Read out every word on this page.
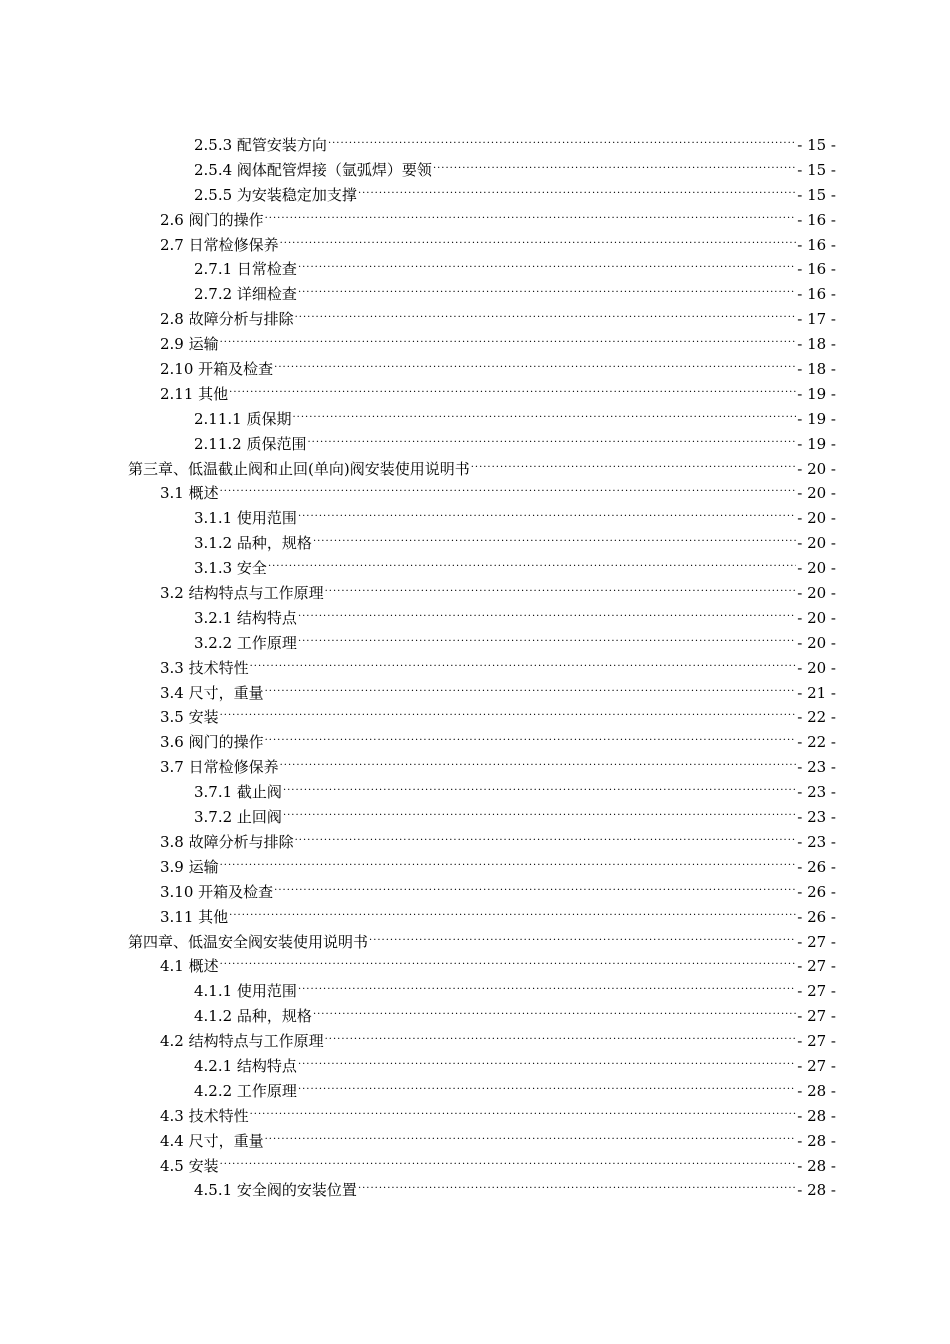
2.5.3 配管安装方向 ·····	- 15 -
2.5.4 阀体配管焊接（氩弧焊）要领 ·····	- 15 -
2.5.5 为安装稳定加支撑 ·····	- 15 -
2.6 阀门的操作 ·····	- 16 -
2.7 日常检修保养 ·····	- 16 -
2.7.1 日常检查 ·····	- 16 -
2.7.2 详细检查 ·····	- 16 -
2.8 故障分析与排除 ·····	- 17 -
2.9 运输 ·····	- 18 -
2.10 开箱及检查 ·····	- 18 -
2.11 其他 ·····	- 19 -
2.11.1 质保期 ·····	- 19 -
2.11.2 质保范围 ·····	- 19 -
第三章、低温截止阀和止回(单向)阀安装使用说明书 ·····	- 20 -
3.1 概述 ·····	- 20 -
3.1.1 使用范围 ·····	- 20 -
3.1.2 品种，规格 ·····	- 20 -
3.1.3 安全 ·····	- 20 -
3.2 结构特点与工作原理 ·····	- 20 -
3.2.1 结构特点 ·····	- 20 -
3.2.2 工作原理 ·····	- 20 -
3.3 技术特性 ·····	- 20 -
3.4 尺寸，重量 ·····	- 21 -
3.5 安装 ·····	- 22 -
3.6 阀门的操作 ·····	- 22 -
3.7 日常检修保养 ·····	- 23 -
3.7.1 截止阀 ·····	- 23 -
3.7.2 止回阀 ·····	- 23 -
3.8 故障分析与排除 ·····	- 23 -
3.9 运输 ·····	- 26 -
3.10 开箱及检查 ·····	- 26 -
3.11 其他 ·····	- 26 -
第四章、低温安全阀安装使用说明书 ·····	- 27 -
4.1 概述 ·····	- 27 -
4.1.1 使用范围 ·····	- 27 -
4.1.2 品种，规格 ·····	- 27 -
4.2 结构特点与工作原理 ·····	- 27 -
4.2.1 结构特点 ·····	- 27 -
4.2.2 工作原理 ·····	- 28 -
4.3 技术特性 ·····	- 28 -
4.4 尺寸，重量 ·····	- 28 -
4.5 安装 ·····	- 28 -
4.5.1 安全阀的安装位置 ·····	- 28 -
